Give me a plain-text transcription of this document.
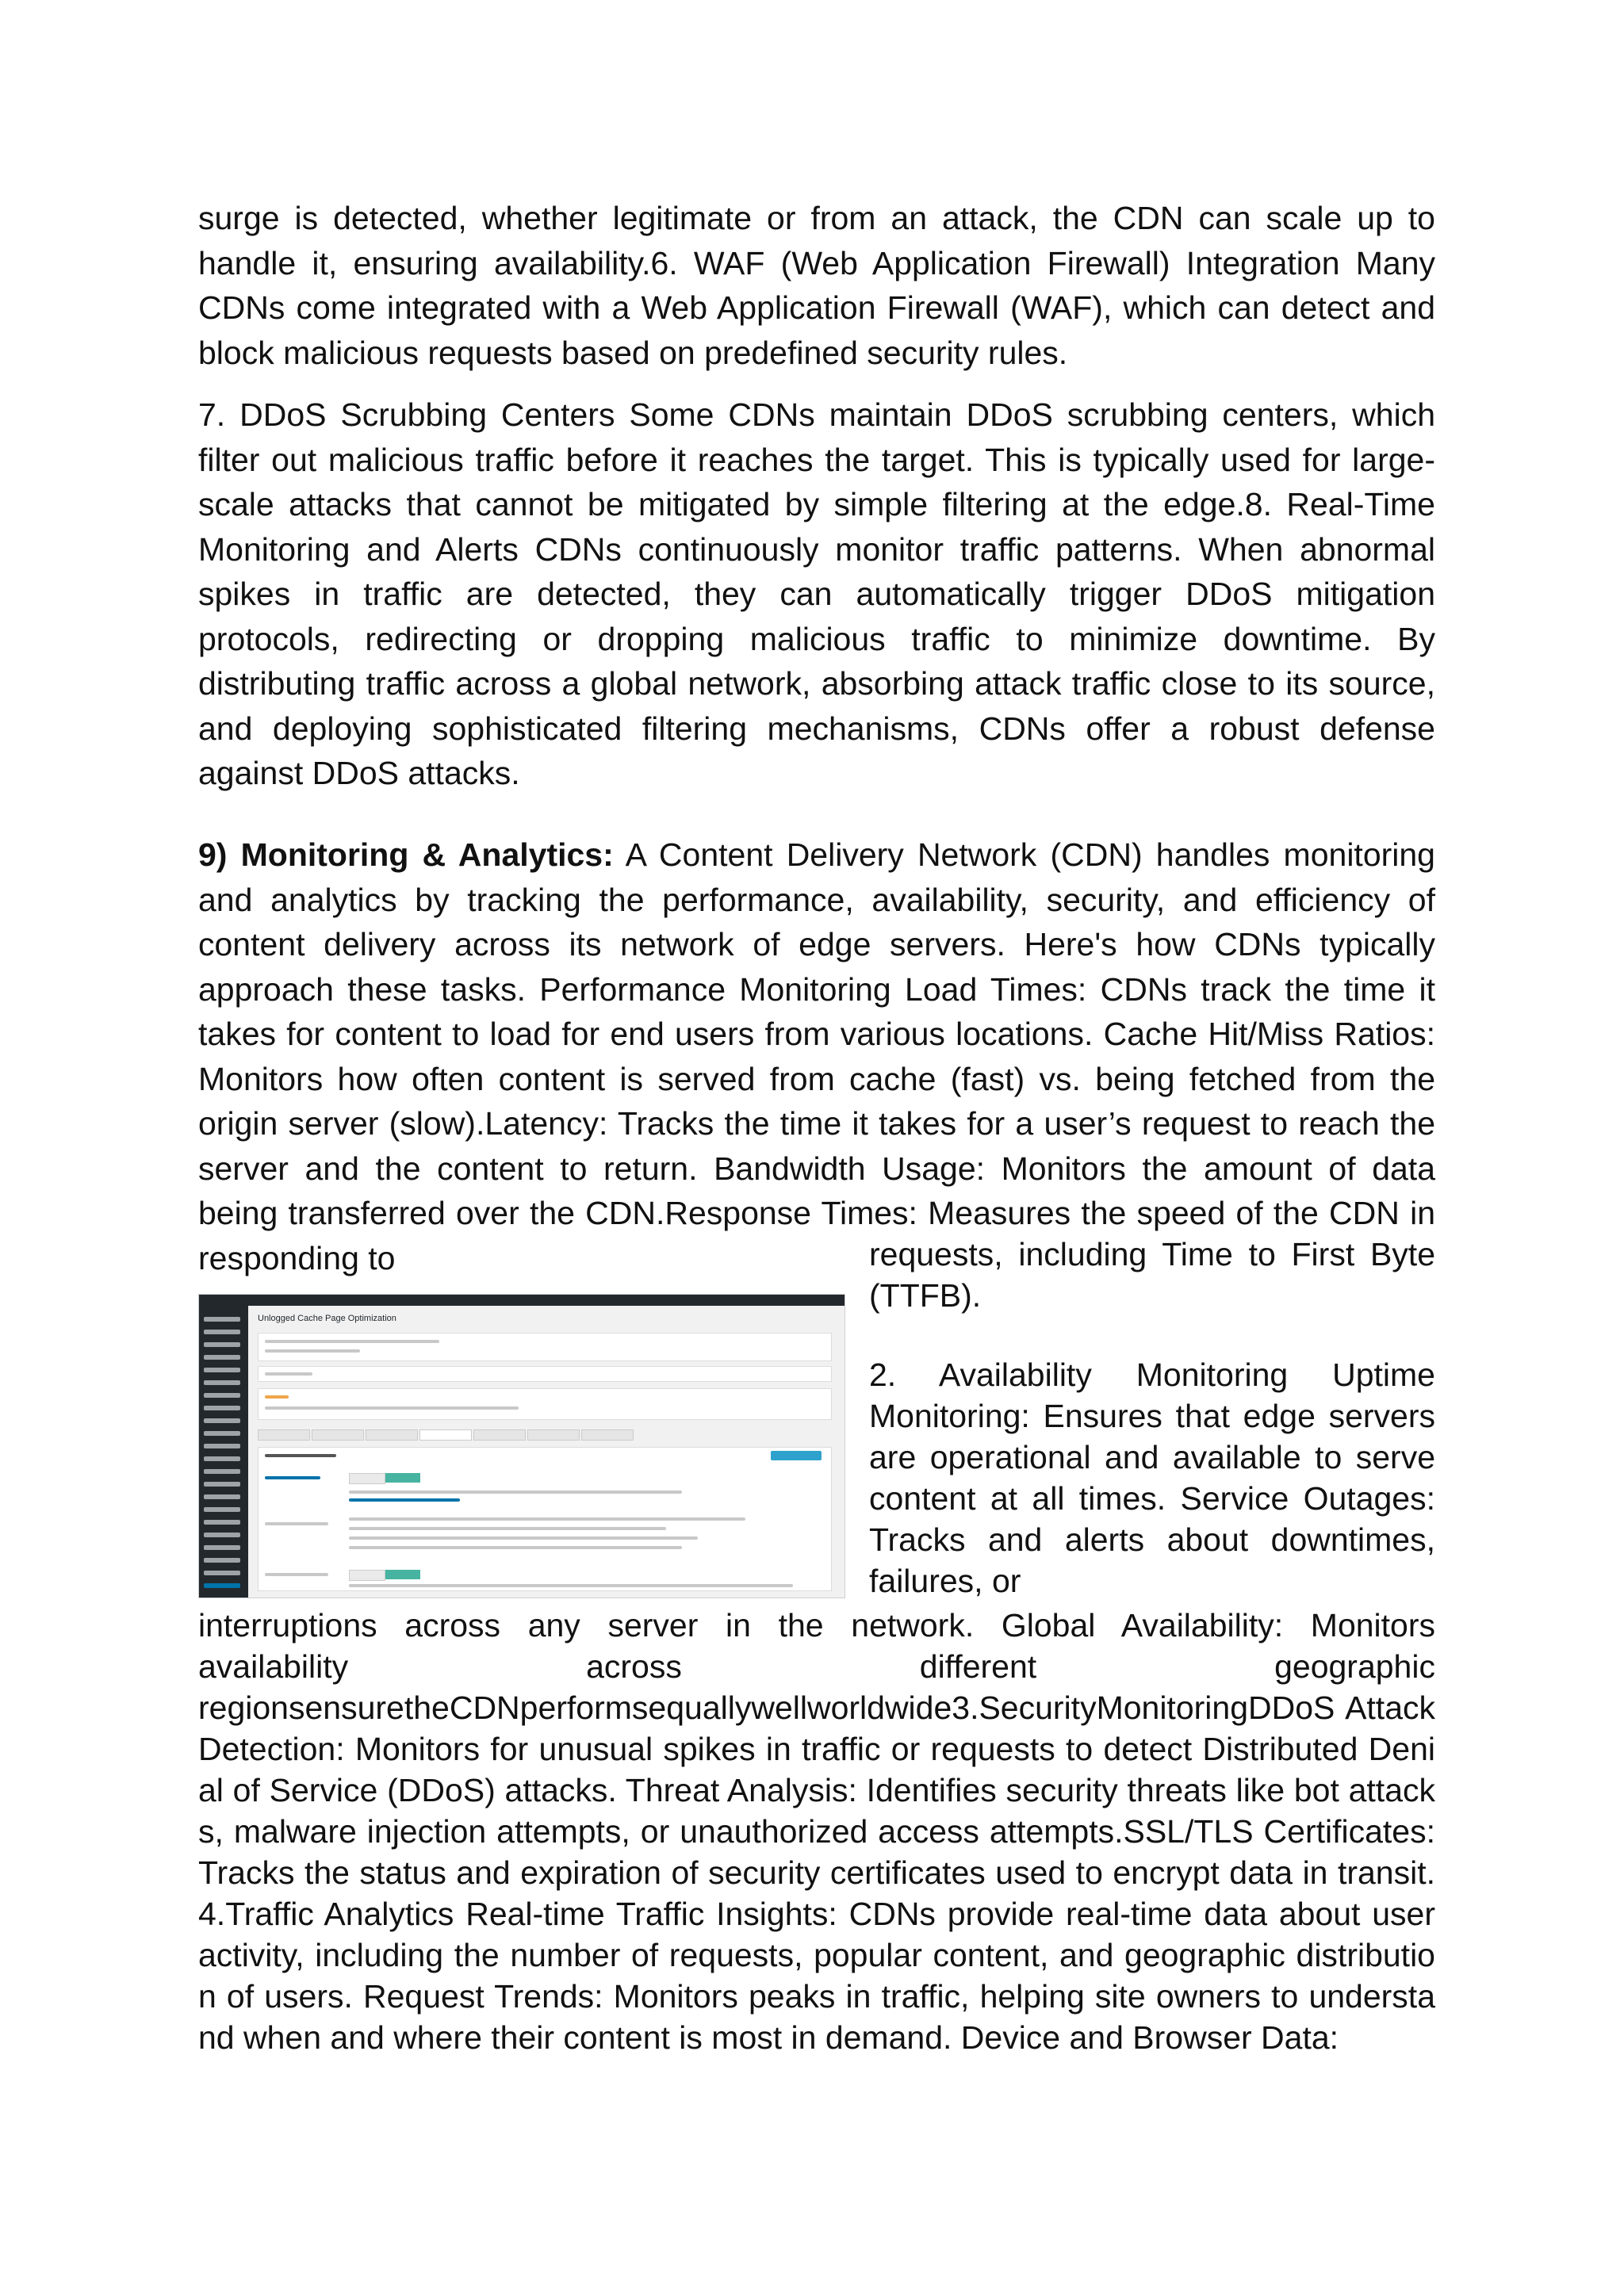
surge is detected, whether legitimate or from an attack, the CDN can scale up to handle it, ensuring availability.6. WAF (Web Application Firewall) Integration Many CDNs come integrated with a Web Application Firewall (WAF), which can detect and block malicious requests based on predefined security rules.

7. DDoS Scrubbing Centers Some CDNs maintain DDoS scrubbing centers, which filter out malicious traffic before it reaches the target. This is typically used for large-scale attacks that cannot be mitigated by simple filtering at the edge.8. Real-Time Monitoring and Alerts CDNs continuously monitor traffic patterns. When abnormal spikes in traffic are detected, they can automatically trigger DDoS mitigation protocols, redirecting or dropping malicious traffic to minimize downtime. By distributing traffic across a global network, absorbing attack traffic close to its source, and deploying sophisticated filtering mechanisms, CDNs offer a robust defense against DDoS attacks.

9) Monitoring & Analytics: A Content Delivery Network (CDN) handles monitoring and analytics by tracking the performance, availability, security, and efficiency of content delivery across its network of edge servers. Here's how CDNs typically approach these tasks. Performance Monitoring Load Times: CDNs track the time it takes for content to load for end users from various locations. Cache Hit/Miss Ratios: Monitors how often content is served from cache (fast) vs. being fetched from the origin server (slow).Latency: Tracks the time it takes for a user’s request to reach the server and the content to return. Bandwidth Usage: Monitors the amount of data being transferred over the CDN.Response Times: Measures the speed of the CDN in responding to

Unlogged Cache Page Optimization

requests, including Time to First Byte (TTFB).

2. Availability Monitoring Uptime Monitoring: Ensures that edge servers are operational and available to serve content at all times. Service Outages: Tracks and alerts about downtimes, failures, or

interruptions across any server in the network. Global Availability: Monitors

availability	across	different	geographic

regionsensuretheCDNperformsequallywellworldwide3.SecurityMonitoringDDoS Attack Detection: Monitors for unusual spikes in traffic or requests to detect Distributed Denial of Service (DDoS) attacks. Threat Analysis: Identifies security threats like bot attacks, malware injection attempts, or unauthorized access attempts.SSL/TLS Certificates: Tracks the status and expiration of security certificates used to encrypt data in transit.4.Traffic Analytics Real-time Traffic Insights: CDNs provide real-time data about user activity, including the number of requests, popular content, and geographic distribution of users. Request Trends: Monitors peaks in traffic, helping site owners to understand when and where their content is most in demand. Device and Browser Data:
